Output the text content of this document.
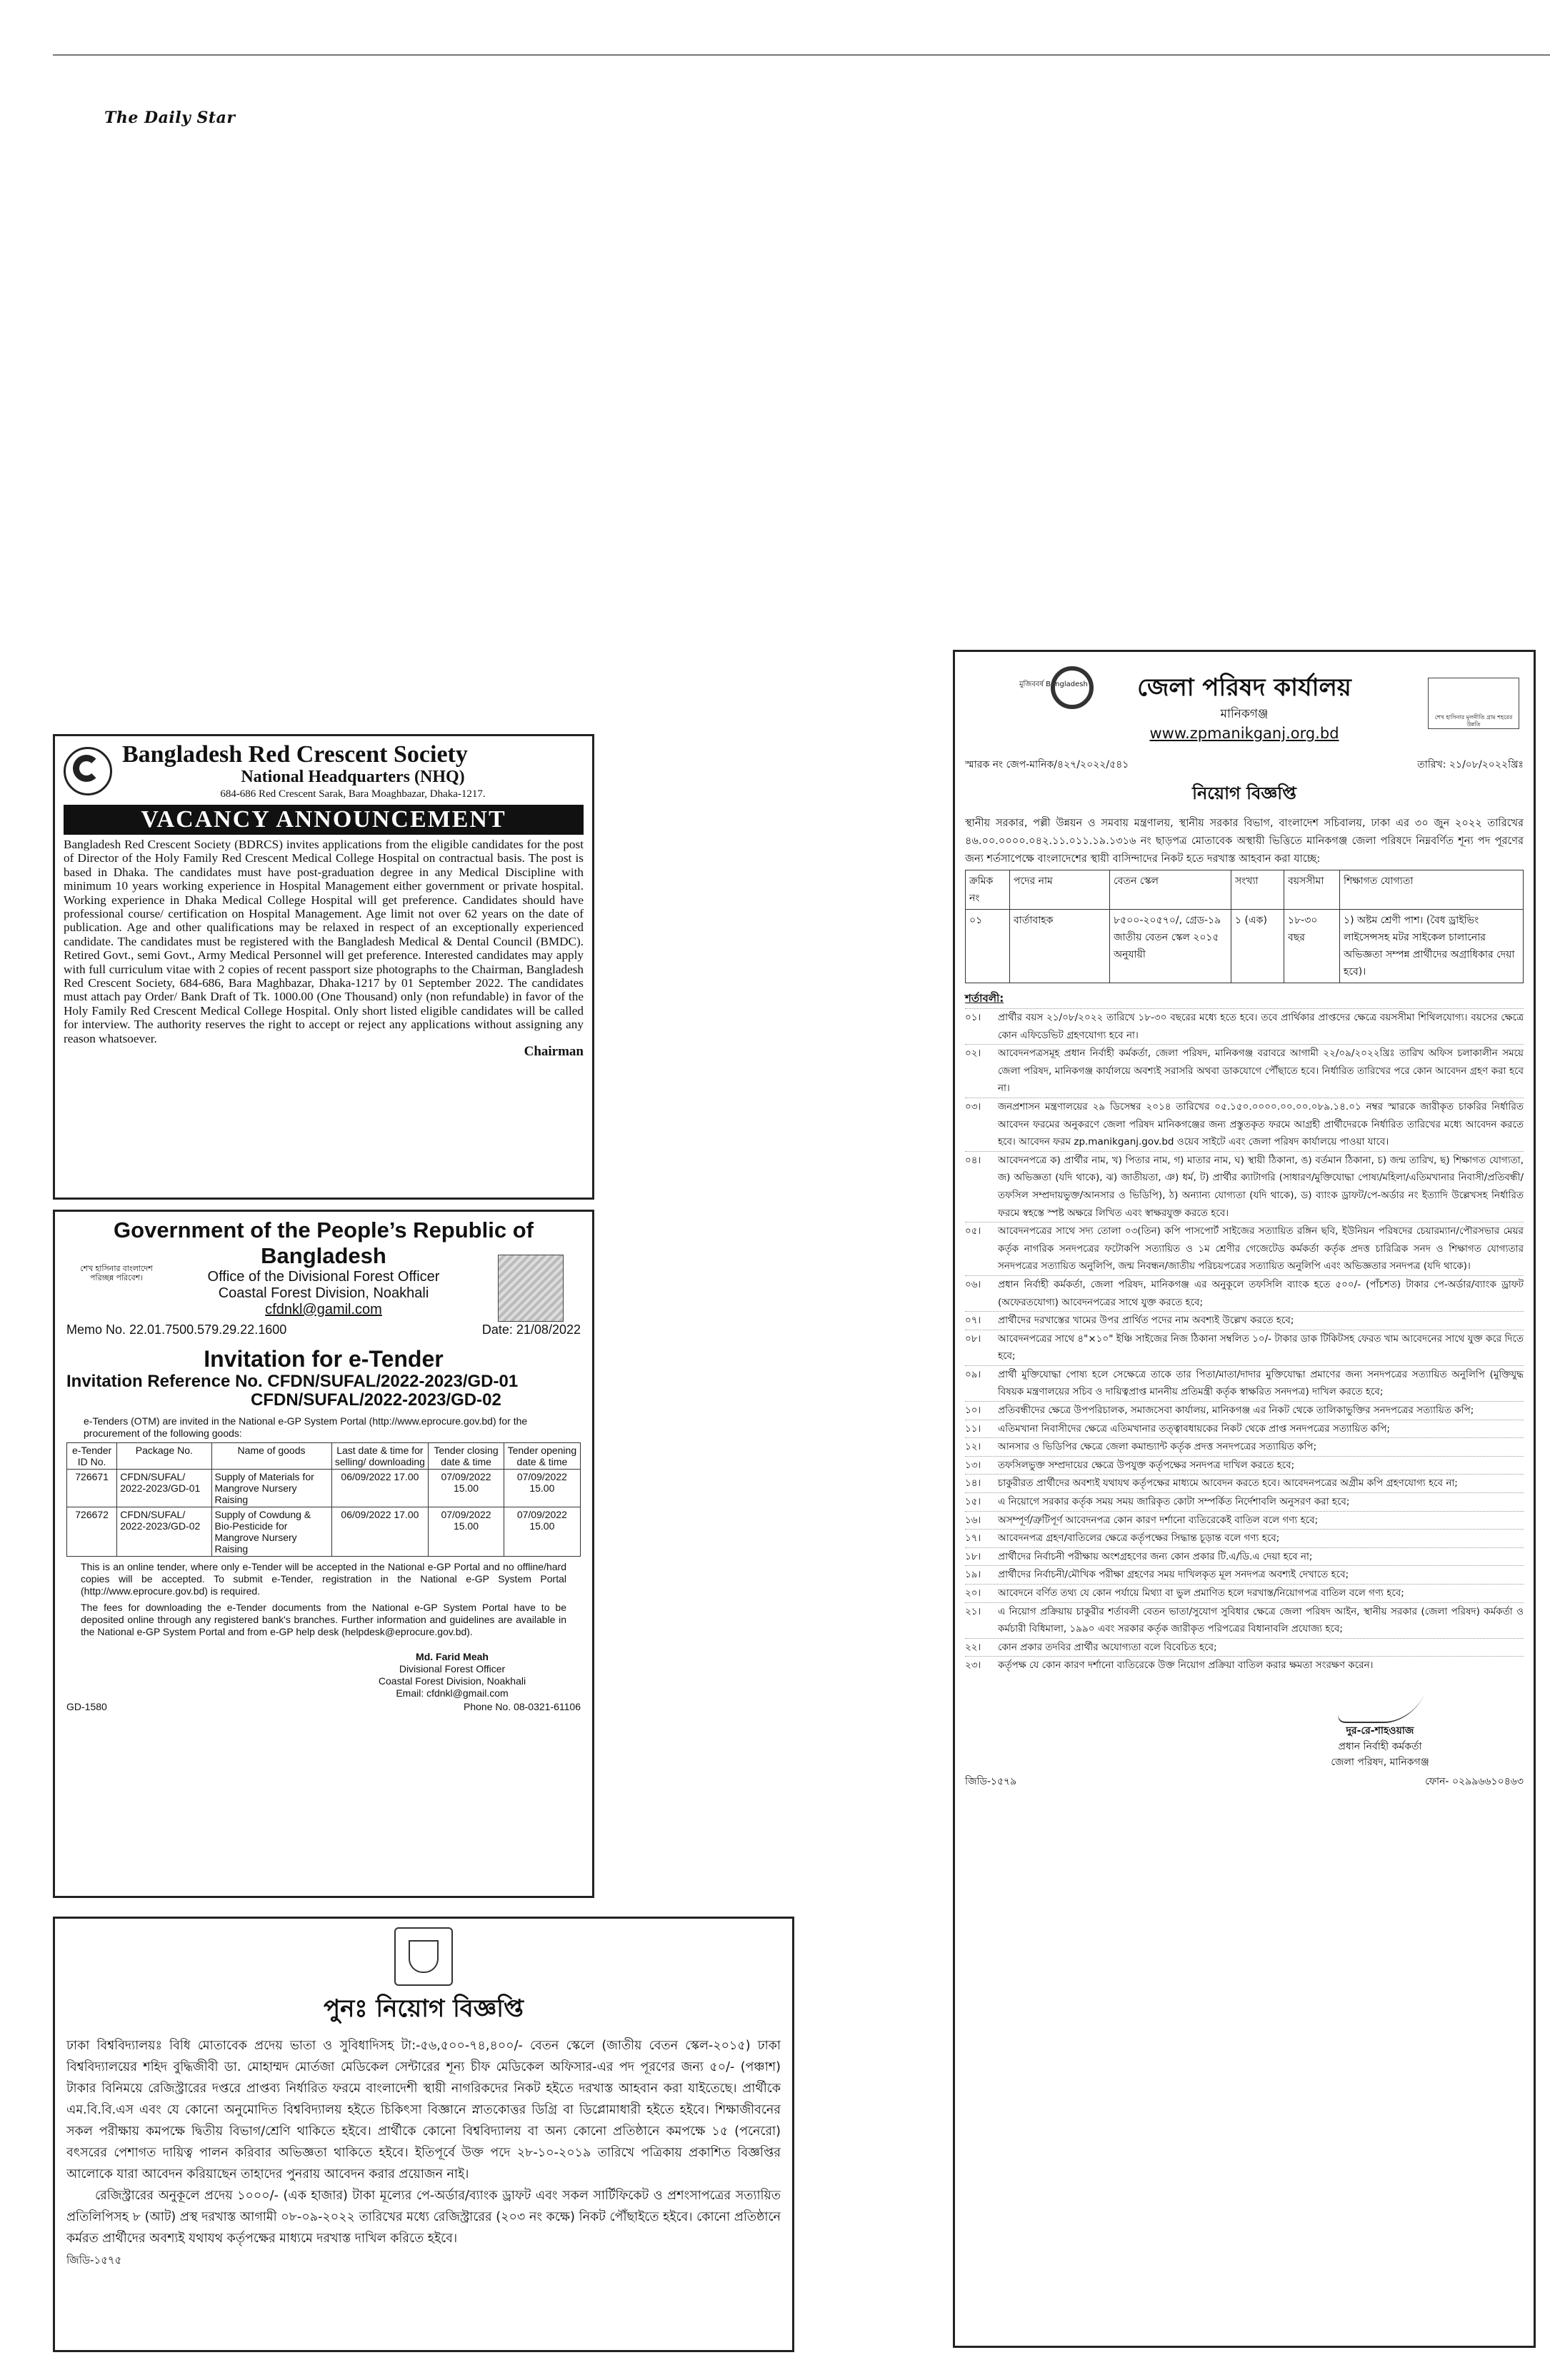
The Daily Star
Bangladesh Red Crescent Society
National Headquarters (NHQ)
684-686 Red Crescent Sarak, Bara Moaghbazar, Dhaka-1217.
VACANCY ANNOUNCEMENT
Bangladesh Red Crescent Society (BDRCS) invites applications from the eligible candidates for the post of Director of the Holy Family Red Crescent Medical College Hospital on contractual basis. The post is based in Dhaka. The candidates must have post-graduation degree in any Medical Discipline with minimum 10 years working experience in Hospital Management either government or private hospital. Working experience in Dhaka Medical College Hospital will get preference. Candidates should have professional course/ certification on Hospital Management. Age limit not over 62 years on the date of publication. Age and other qualifications may be relaxed in respect of an exceptionally experienced candidate. The candidates must be registered with the Bangladesh Medical & Dental Council (BMDC). Retired Govt., semi Govt., Army Medical Personnel will get preference. Interested candidates may apply with full curriculum vitae with 2 copies of recent passport size photographs to the Chairman, Bangladesh Red Crescent Society, 684-686, Bara Maghbazar, Dhaka-1217 by 01 September 2022. The candidates must attach pay Order/ Bank Draft of Tk. 1000.00 (One Thousand) only (non refundable) in favor of the Holy Family Red Crescent Medical College Hospital. Only short listed eligible candidates will be called for interview. The authority reserves the right to accept or reject any applications without assigning any reason whatsoever.
Chairman
Government of the People’s Republic of Bangladesh
শেখ হাসিনার বাংলাদেশ পরিচ্ছন্ন পরিবেশ।	Office of the Divisional Forest Officer
Coastal Forest Division, Noakhali
cfdnkl@gamil.com
Memo No. 22.01.7500.579.29.22.1600	Date: 21/08/2022
Invitation for e-Tender
Invitation Reference No. CFDN/SUFAL/2022-2023/GD-01
CFDN/SUFAL/2022-2023/GD-02
e-Tenders (OTM) are invited in the National e-GP System Portal (http://www.eprocure.gov.bd) for the procurement of the following goods:
e-Tender ID No.	Package No.	Name of goods	Last date & time for selling/ downloading	Tender closing date & time	Tender opening date & time
726671	CFDN/SUFAL/ 2022-2023/GD-01	Supply of Materials for Mangrove Nursery Raising	06/09/2022 17.00	07/09/2022 15.00	07/09/2022 15.00
726672	CFDN/SUFAL/ 2022-2023/GD-02	Supply of Cowdung & Bio-Pesticide for Mangrove Nursery Raising	06/09/2022 17.00	07/09/2022 15.00	07/09/2022 15.00
This is an online tender, where only e-Tender will be accepted in the National e-GP Portal and no offline/hard copies will be accepted. To submit e-Tender, registration in the National e-GP System Portal (http://www.eprocure.gov.bd) is required.
The fees for downloading the e-Tender documents from the National e-GP System Portal have to be deposited online through any registered bank's branches. Further information and guidelines are available in the National e-GP System Portal and from e-GP help desk (helpdesk@eprocure.gov.bd).
Md. Farid Meah
Divisional Forest Officer
Coastal Forest Division, Noakhali
Email: cfdnkl@gmail.com
GD-1580	Phone No. 08-0321-61106
পুনঃ নিয়োগ বিজ্ঞপ্তি
ঢাকা বিশ্ববিদ্যালয়ঃ বিধি মোতাবেক প্রদেয় ভাতা ও সুবিধাদিসহ টা:-৫৬,৫০০-৭৪,৪০০/- বেতন স্কেলে (জাতীয় বেতন স্কেল-২০১৫) ঢাকা বিশ্ববিদ্যালয়ের শহিদ বুদ্ধিজীবী ডা. মোহাম্মদ মোর্তজা মেডিকেল সেন্টারের শূন্য চীফ মেডিকেল অফিসার-এর পদ পূরণের জন্য ৫০/- (পঞ্চাশ) টাকার বিনিময়ে রেজিস্ট্রারের দপ্তরে প্রাপ্তব্য নির্ধারিত ফরমে বাংলাদেশী স্থায়ী নাগরিকদের নিকট হইতে দরখাস্ত আহবান করা যাইতেছে। প্রার্থীকে এম.বি.বি.এস এবং যে কোনো অনুমোদিত বিশ্ববিদ্যালয় হইতে চিকিৎসা বিজ্ঞানে স্নাতকোত্তর ডিগ্রি বা ডিপ্লোমাধারী হইতে হইবে। শিক্ষাজীবনের সকল পরীক্ষায় কমপক্ষে দ্বিতীয় বিভাগ/শ্রেণি থাকিতে হইবে। প্রার্থীকে কোনো বিশ্ববিদ্যালয় বা অন্য কোনো প্রতিষ্ঠানে কমপক্ষে ১৫ (পনেরো) বৎসরের পেশাগত দায়িত্ব পালন করিবার অভিজ্ঞতা থাকিতে হইবে। ইতিপূর্বে উক্ত পদে ২৮-১০-২০১৯ তারিখে পত্রিকায় প্রকাশিত বিজ্ঞপ্তির আলোকে যারা আবেদন করিয়াছেন তাহাদের পুনরায় আবেদন করার প্রয়োজন নাই।
রেজিস্ট্রারের অনুকূলে প্রদেয় ১০০০/- (এক হাজার) টাকা মূল্যের পে-অর্ডার/ব্যাংক ড্রাফট এবং সকল সার্টিফিকেট ও প্রশংসাপত্রের সত্যায়িত প্রতিলিপিসহ ৮ (আট) প্রস্থ দরখাস্ত আগামী ০৮-০৯-২০২২ তারিখের মধ্যে রেজিস্ট্রারের (২০৩ নং কক্ষে) নিকট পৌঁছাইতে হইবে। কোনো প্রতিষ্ঠানে কর্মরত প্রার্থীদের অবশ্যই যথাযথ কর্তৃপক্ষের মাধ্যমে দরখাস্ত দাখিল করিতে হইবে।
জিডি-১৫৭৫
মুজিববর্ষ Bangladesh	জেলা পরিষদ কার্যালয়
মানিকগঞ্জ
www.zpmanikganj.org.bd
শেখ হাসিনার মূলনীতি গ্রাম শহরের উন্নতি
স্মারক নং জেপ-মানিক/৪২৭/২০২২/৫৪১	তারিখ: ২১/০৮/২০২২খ্রিঃ
নিয়োগ বিজ্ঞপ্তি
স্থানীয় সরকার, পল্লী উন্নয়ন ও সমবায় মন্ত্রণালয়, স্থানীয় সরকার বিভাগ, বাংলাদেশ সচিবালয়, ঢাকা এর ৩০ জুন ২০২২ তারিখের ৪৬.০০.০০০০.০৪২.১১.০১১.১৯.১৩১৬ নং ছাড়পত্র মোতাবেক অস্থায়ী ভিত্তিতে মানিকগঞ্জ জেলা পরিষদে নিম্নবর্ণিত শূন্য পদ পূরণের জন্য শর্তসাপেক্ষে বাংলাদেশের স্থায়ী বাসিন্দাদের নিকট হতে দরখাস্ত আহবান করা যাচ্ছে:
ক্রমিক নং	পদের নাম	বেতন স্কেল	সংখ্যা	বয়সসীমা	শিক্ষাগত যোগ্যতা
০১	বার্তাবাহক	৮৫০০-২০৫৭০/, গ্রেড-১৯ জাতীয় বেতন স্কেল ২০১৫ অনুযায়ী	১ (এক)	১৮-৩০ বছর	১) অষ্টম শ্রেণী পাশ। (বৈধ ড্রাইভিং লাইসেন্সসহ মটর সাইকেল চালানোর অভিজ্ঞতা সম্পন্ন প্রার্থীদের অগ্রাধিকার দেয়া হবে)।
শর্তাবলী:
০১।	প্রার্থীর বয়স ২১/০৮/২০২২ তারিখে ১৮-৩০ বছরের মধ্যে হতে হবে। তবে প্রার্থিকার প্রাপ্তদের ক্ষেত্রে বয়সসীমা শিথিলযোগ্য। বয়সের ক্ষেত্রে কোন এফিডেভিট গ্রহণযোগ্য হবে না।
০২।	আবেদনপত্রসমূহ প্রধান নির্বাহী কর্মকর্তা, জেলা পরিষদ, মানিকগঞ্জ বরাবরে আগামী ২২/০৯/২০২২খ্রিঃ তারিখ অফিস চলাকালীন সময়ে জেলা পরিষদ, মানিকগঞ্জ কার্যালয়ে অবশ্যই সরাসরি অথবা ডাকযোগে পৌঁছাতে হবে। নির্ধারিত তারিখের পরে কোন আবেদন গ্রহণ করা হবে না।
০৩।	জনপ্রশাসন মন্ত্রণালয়ের ২৯ ডিসেম্বর ২০১৪ তারিখের ০৫.১৫০.০০০০.০০.০০.০৮৯.১৪.০১ নম্বর স্মারকে জারীকৃত চাকরির নির্ধারিত আবেদন ফরমের অনুকরণে জেলা পরিষদ মানিকগঞ্জের জন্য প্রস্তুতকৃত ফরমে আগ্রহী প্রার্থীদেরকে নির্ধারিত তারিখের মধ্যে আবেদন করতে হবে। আবেদন ফরম zp.manikganj.gov.bd ওয়েব সাইটে এবং জেলা পরিষদ কার্যালয়ে পাওয়া যাবে।
০৪।	আবেদনপত্রে ক) প্রার্থীর নাম, খ) পিতার নাম, গ) মাতার নাম, ঘ) স্থায়ী ঠিকানা, ঙ) বর্তমান ঠিকানা, চ) জন্ম তারিখ, ছ) শিক্ষাগত যোগ্যতা, জ) অভিজ্ঞতা (যদি থাকে), ঝ) জাতীয়তা, ঞ) ধর্ম, ট) প্রার্থীর ক্যাটাগরি (সাধারণ/মুক্তিযোদ্ধা পোষ্য/মহিলা/এতিমখানার নিবাসী/প্রতিবন্ধী/তফসিল সম্প্রদায়ভুক্ত/আনসার ও ভিডিপি), ঠ) অন্যান্য যোগ্যতা (যদি থাকে), ড) ব্যাংক ড্রাফট/পে-অর্ডার নং ইত্যাদি উল্লেখসহ নির্ধারিত ফরমে স্বহস্তে স্পষ্ট অক্ষরে লিখিত এবং স্বাক্ষরযুক্ত করতে হবে।
০৫।	আবেদনপত্রের সাথে সদ্য তোলা ০৩(তিন) কপি পাসপোর্ট সাইজের সত্যায়িত রঙ্গিন ছবি, ইউনিয়ন পরিষদের চেয়ারম্যান/পৌরসভার মেয়র কর্তৃক নাগরিক সনদপত্রের ফটোকপি সত্যায়িত ও ১ম শ্রেণীর গেজেটেড কর্মকর্তা কর্তৃক প্রদত্ত চারিত্রিক সনদ ও শিক্ষাগত যোগ্যতার সনদপত্রের সত্যায়িত অনুলিপি, জন্ম নিবন্ধন/জাতীয় পরিচয়পত্রের সত্যায়িত অনুলিপি এবং অভিজ্ঞতার সনদপত্র (যদি থাকে)।
০৬।	প্রধান নির্বাহী কর্মকর্তা, জেলা পরিষদ, মানিকগঞ্জ এর অনুকূলে তফসিলি ব্যাংক হতে ৫০০/- (পাঁচশত) টাকার পে-অর্ডার/ব্যাংক ড্রাফট (অফেরতযোগ্য) আবেদনপত্রের সাথে যুক্ত করতে হবে;
০৭।	প্রার্থীদের দরখাস্তের খামের উপর প্রার্থিত পদের নাম অবশ্যই উল্লেখ করতে হবে;
০৮।	আবেদনপত্রের সাথে ৪"×১০" ইঞ্চি সাইজের নিজ ঠিকানা সম্বলিত ১০/- টাকার ডাক টিকিটসহ ফেরত খাম আবেদনের সাথে যুক্ত করে দিতে হবে;
০৯।	প্রার্থী মুক্তিযোদ্ধা পোষ্য হলে সেক্ষেত্রে তাকে তার পিতা/মাতা/দাদার মুক্তিযোদ্ধা প্রমাণের জন্য সনদপত্রের সত্যায়িত অনুলিপি (মুক্তিযুদ্ধ বিষয়ক মন্ত্রণালয়ের সচিব ও দায়িত্বপ্রাপ্ত মাননীয় প্রতিমন্ত্রী কর্তৃক স্বাক্ষরিত সনদপত্র) দাখিল করতে হবে;
১০।	প্রতিবন্ধীদের ক্ষেত্রে উপপরিচালক, সমাজসেবা কার্যালয়, মানিকগঞ্জ এর নিকট থেকে তালিকাভুক্তির সনদপত্রের সত্যায়িত কপি;
১১।	এতিমখানা নিবাসীদের ক্ষেত্রে এতিমখানার তত্ত্বাবধায়কের নিকট থেকে প্রাপ্ত সনদপত্রের সত্যায়িত কপি;
১২।	আনসার ও ভিডিপির ক্ষেত্রে জেলা কমান্ড্যান্ট কর্তৃক প্রদত্ত সনদপত্রের সত্যায়িত কপি;
১৩।	তফসিলভুক্ত সম্প্রদায়ের ক্ষেত্রে উপযুক্ত কর্তৃপক্ষের সনদপত্র দাখিল করতে হবে;
১৪।	চাকুরীরত প্রার্থীদের অবশ্যই যথাযথ কর্তৃপক্ষের মাধ্যমে আবেদন করতে হবে। আবেদনপত্রের অগ্রীম কপি গ্রহণযোগ্য হবে না;
১৫।	এ নিয়োগে সরকার কর্তৃক সময় সময় জারিকৃত কোটা সম্পর্কিত নির্দেশাবলি অনুসরণ করা হবে;
১৬।	অসম্পূর্ণ/ত্রুটিপূর্ণ আবেদনপত্র কোন কারণ দর্শানো ব্যতিরেকেই বাতিল বলে গণ্য হবে;
১৭।	আবেদনপত্র গ্রহণ/বাতিলের ক্ষেত্রে কর্তৃপক্ষের সিদ্ধান্ত চূড়ান্ত বলে গণ্য হবে;
১৮।	প্রার্থীদের নির্বাচনী পরীক্ষায় অংশগ্রহণের জন্য কোন প্রকার টি.এ/ডি.এ দেয়া হবে না;
১৯।	প্রার্থীদের নির্বাচনী/মৌখিক পরীক্ষা গ্রহণের সময় দাখিলকৃত মূল সনদপত্র অবশ্যই দেখাতে হবে;
২০।	আবেদনে বর্ণিত তথ্য যে কোন পর্যায়ে মিথ্যা বা ভুল প্রমাণিত হলে দরখাস্ত/নিয়োগপত্র বাতিল বলে গণ্য হবে;
২১।	এ নিয়োগ প্রক্রিয়ায় চাকুরীর শর্তাবলী বেতন ভাতা/সুযোগ সুবিধার ক্ষেত্রে জেলা পরিষদ আইন, স্থানীয় সরকার (জেলা পরিষদ) কর্মকর্তা ও কর্মচারী বিধিমালা, ১৯৯০ এবং সরকার কর্তৃক জারীকৃত পরিপত্রের বিধানাবলি প্রযোজ্য হবে;
২২।	কোন প্রকার তদবির প্রার্থীর অযোগ্যতা বলে বিবেচিত হবে;
২৩।	কর্তৃপক্ষ যে কোন কারণ দর্শানো ব্যতিরেকে উক্ত নিয়োগ প্রক্রিয়া বাতিল করার ক্ষমতা সংরক্ষণ করেন।
দুর-রে-শাহওয়াজ
প্রধান নির্বাহী কর্মকর্তা
জেলা পরিষদ, মানিকগঞ্জ
জিডি-১৫৭৯	ফোন- ০২৯৯৬৬১০৪৬৩
